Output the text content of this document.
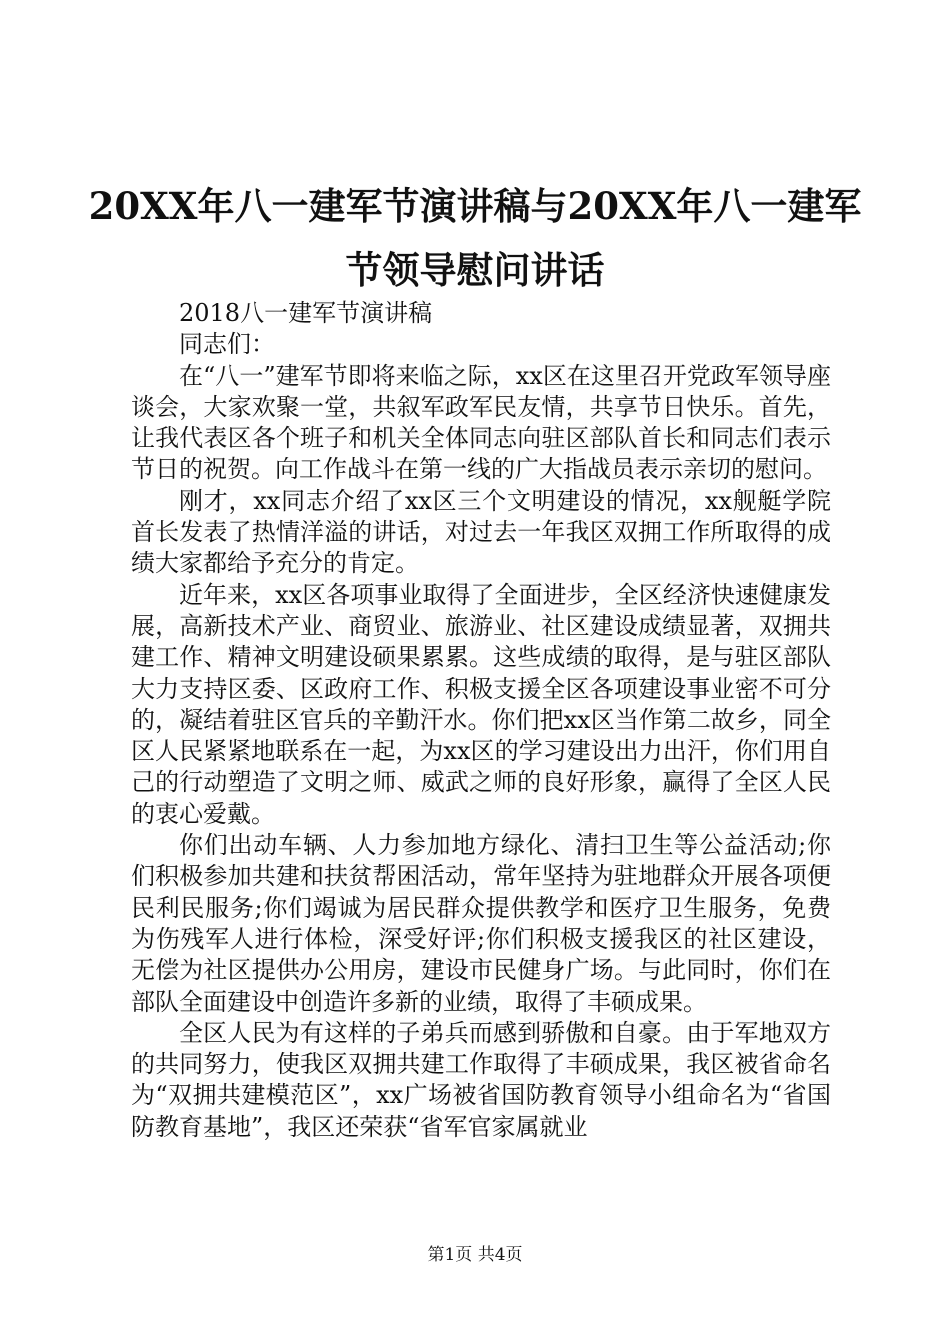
20XX年八一建军节演讲稿与20XX年八一建军
节领导慰问讲话

2018八一建军节演讲稿

同志们：

在“八一”建军节即将来临之际，xx区在这里召开党政军领导座谈会，大家欢聚一堂，共叙军政军民友情，共享节日快乐。首先，让我代表区各个班子和机关全体同志向驻区部队首长和同志们表示节日的祝贺。向工作战斗在第一线的广大指战员表示亲切的慰问。

刚才，xx同志介绍了xx区三个文明建设的情况，xx舰艇学院首长发表了热情洋溢的讲话，对过去一年我区双拥工作所取得的成绩大家都给予充分的肯定。

近年来，xx区各项事业取得了全面进步，全区经济快速健康发展，高新技术产业、商贸业、旅游业、社区建设成绩显著，双拥共建工作、精神文明建设硕果累累。这些成绩的取得，是与驻区部队大力支持区委、区政府工作、积极支援全区各项建设事业密不可分的，凝结着驻区官兵的辛勤汗水。你们把xx区当作第二故乡，同全区人民紧紧地联系在一起，为xx区的学习建设出力出汗，你们用自己的行动塑造了文明之师、威武之师的良好形象，赢得了全区人民的衷心爱戴。

你们出动车辆、人力参加地方绿化、清扫卫生等公益活动;你们积极参加共建和扶贫帮困活动，常年坚持为驻地群众开展各项便民利民服务;你们竭诚为居民群众提供教学和医疗卫生服务，免费为伤残军人进行体检，深受好评;你们积极支援我区的社区建设，无偿为社区提供办公用房，建设市民健身广场。与此同时，你们在部队全面建设中创造许多新的业绩，取得了丰硕成果。

全区人民为有这样的子弟兵而感到骄傲和自豪。由于军地双方的共同努力，使我区双拥共建工作取得了丰硕成果，我区被省命名为“双拥共建模范区”，xx广场被省国防教育领导小组命名为“省国防教育基地”，我区还荣获“省军官家属就业

第1页 共4页
